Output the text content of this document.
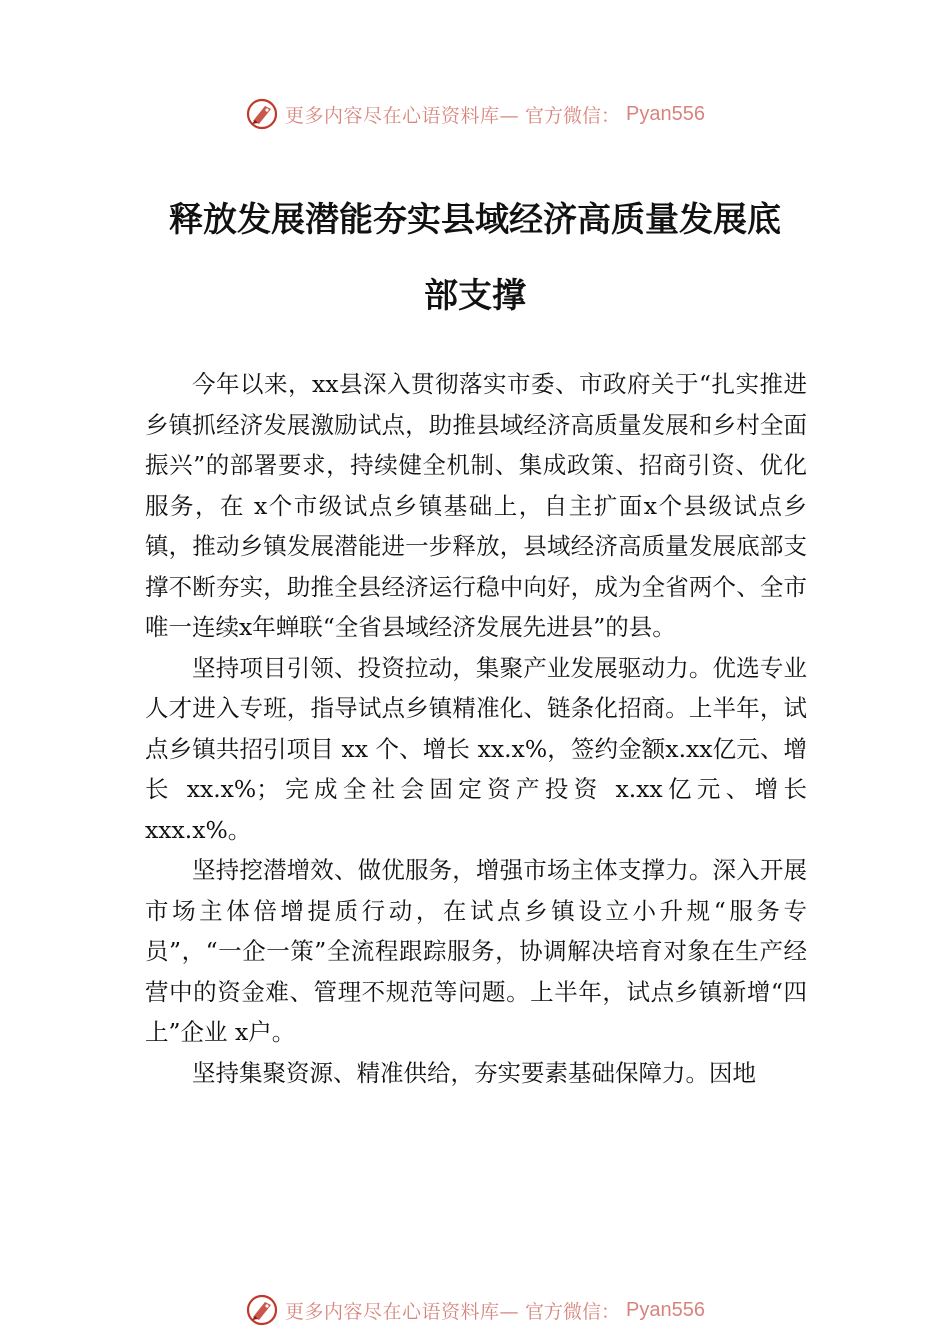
更多内容尽在心语资料库— 官方微信： Pyan556
释放发展潜能夯实县域经济高质量发展底
部支撑

今年以来，xx县深入贯彻落实市委、市政府关于“扎实推进乡镇抓经济发展激励试点，助推县域经济高质量发展和乡村全面振兴”的部署要求，持续健全机制、集成政策、招商引资、优化服务，在 x个市级试点乡镇基础上，自主扩面x个县级试点乡镇，推动乡镇发展潜能进一步释放，县域经济高质量发展底部支撑不断夯实，助推全县经济运行稳中向好，成为全省两个、全市唯一连续x年蝉联“全省县域经济发展先进县”的县。

坚持项目引领、投资拉动，集聚产业发展驱动力。优选专业人才进入专班，指导试点乡镇精准化、链条化招商。上半年，试点乡镇共招引项目 xx 个、增长 xx.x%，签约金额x.xx亿元、增长 xx.x%；完成全社会固定资产投资 x.xx亿元、增长 xxx.x%。

坚持挖潜增效、做优服务，增强市场主体支撑力。深入开展市场主体倍增提质行动，在试点乡镇设立小升规“服务专员”，“一企一策”全流程跟踪服务，协调解决培育对象在生产经营中的资金难、管理不规范等问题。上半年，试点乡镇新增“四上”企业 x户。

坚持集聚资源、精准供给，夯实要素基础保障力。因地

更多内容尽在心语资料库— 官方微信： Pyan556
